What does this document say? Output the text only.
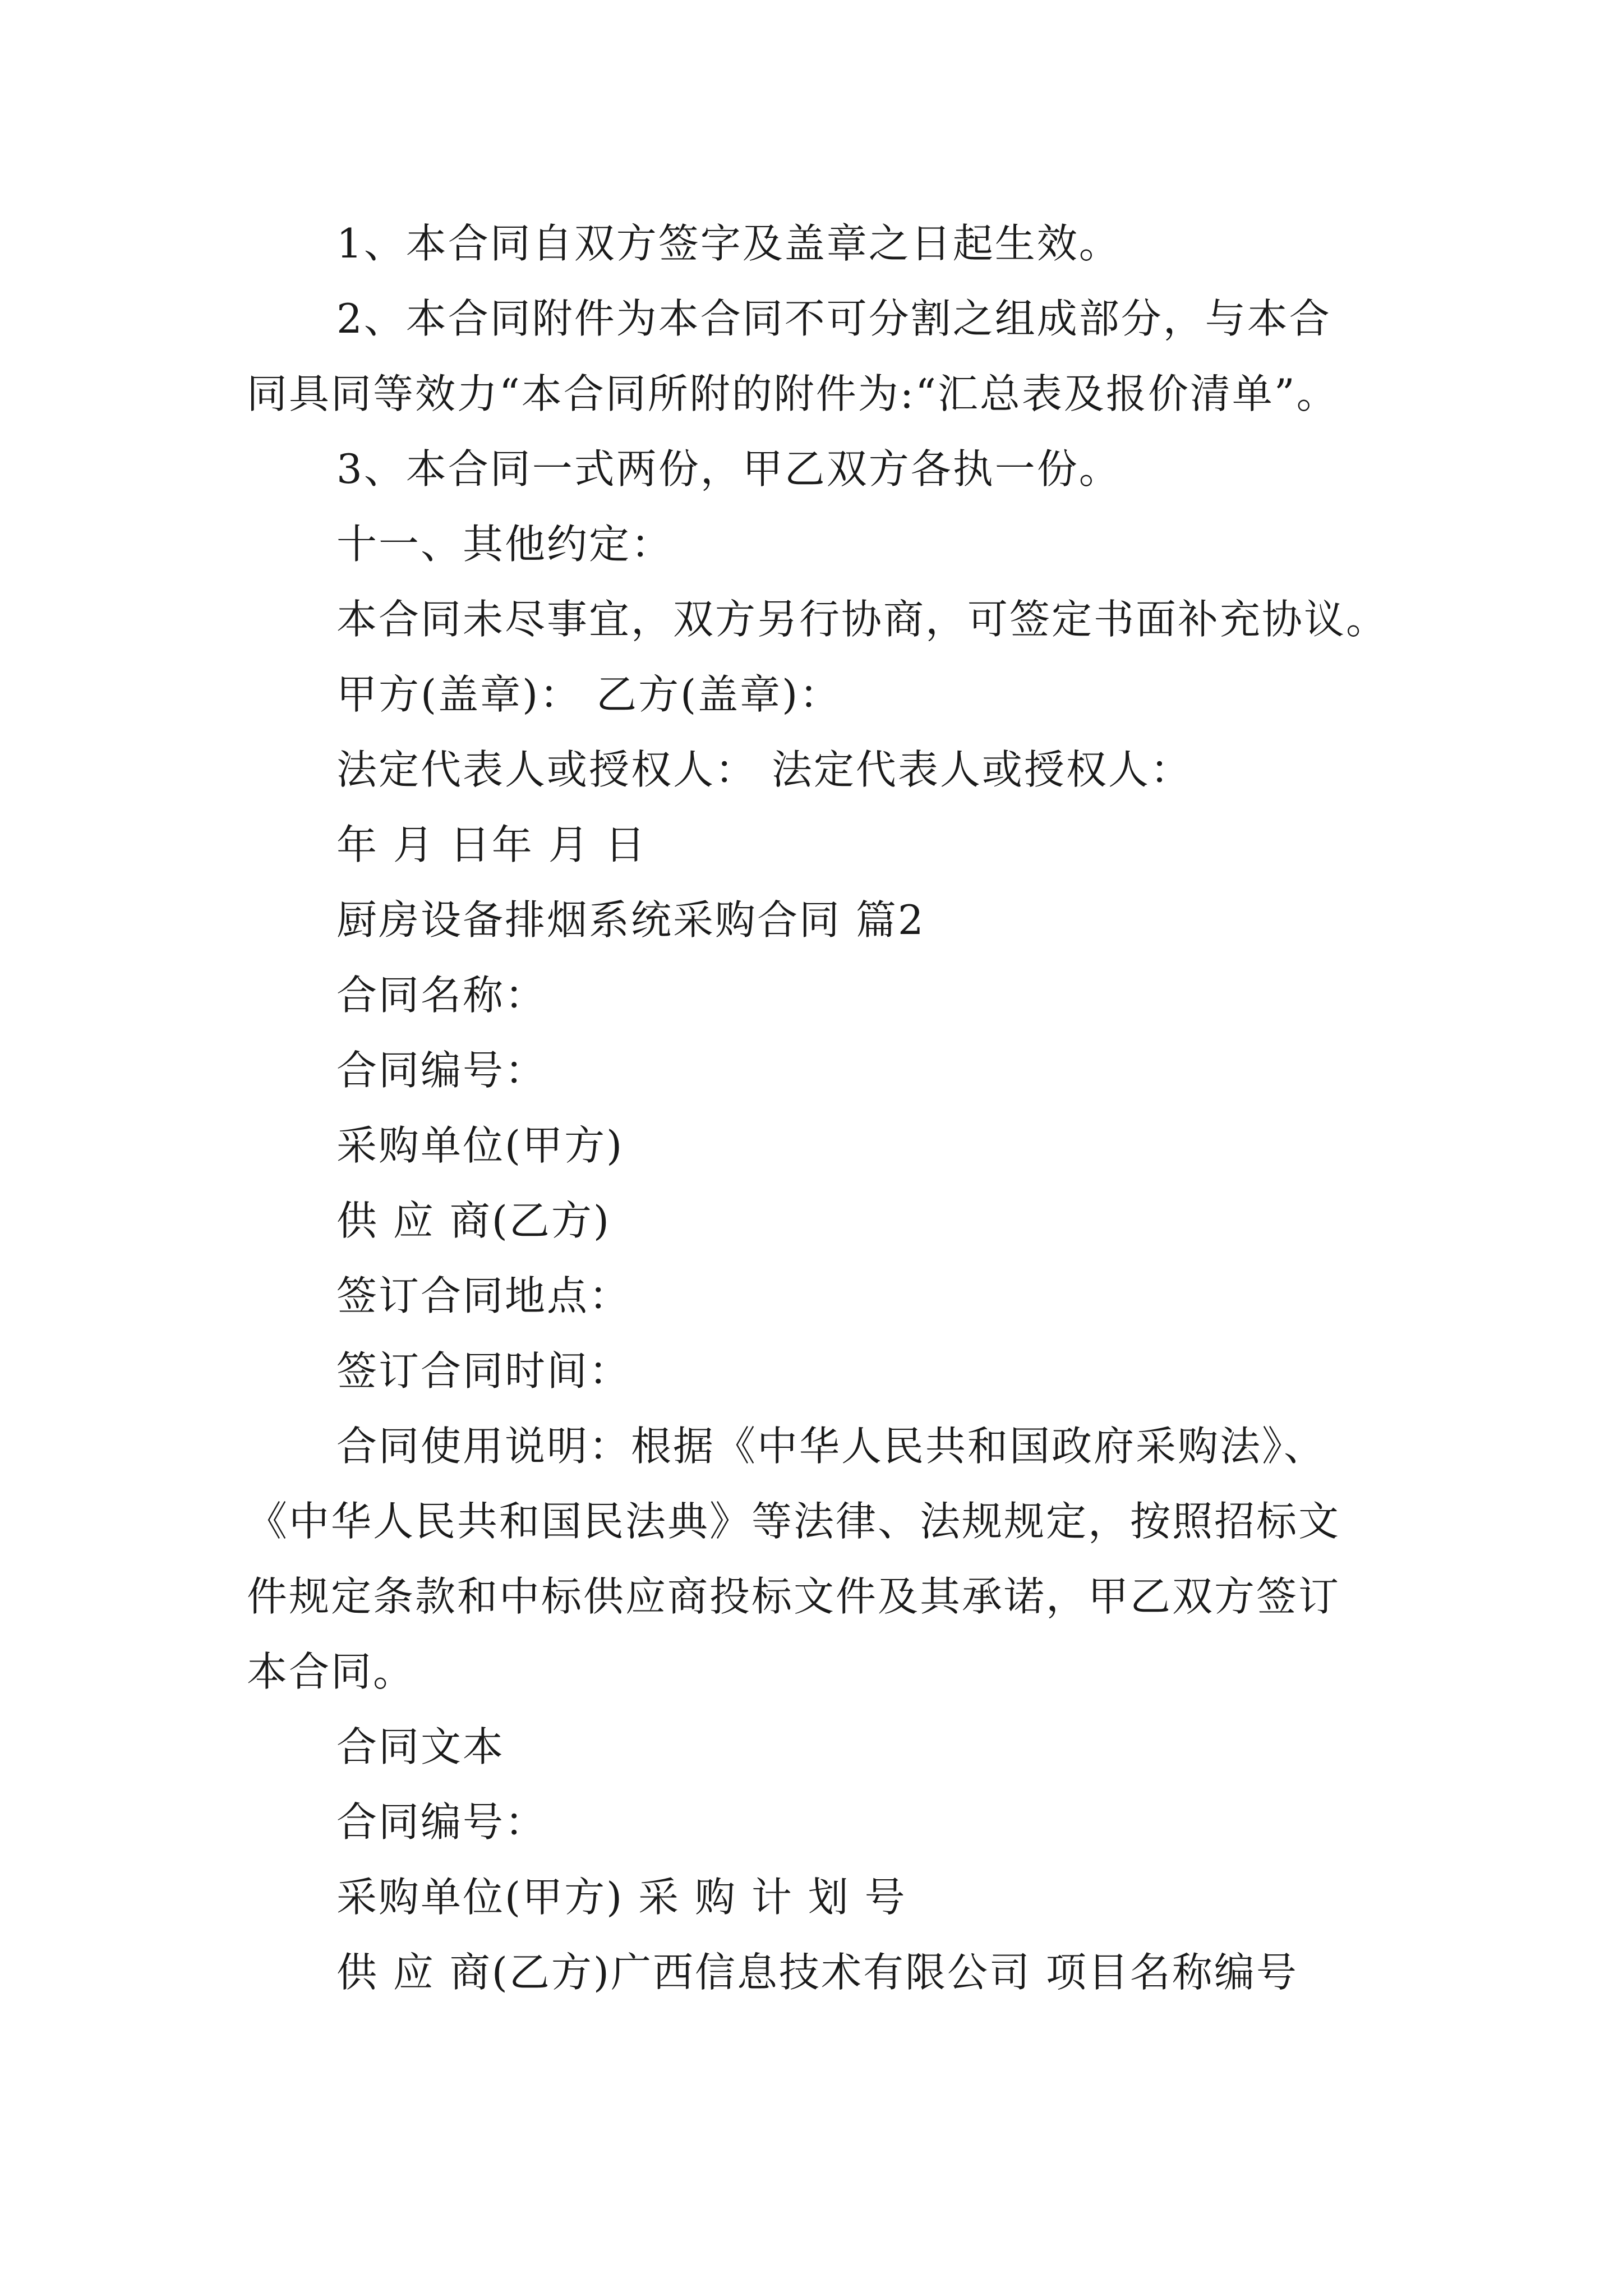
1、本合同自双方签字及盖章之日起生效。
2、本合同附件为本合同不可分割之组成部分，与本合
同具同等效力“本合同所附的附件为:“汇总表及报价清单”。
3、本合同一式两份，甲乙双方各执一份。
十一、其他约定：
本合同未尽事宜，双方另行协商，可签定书面补充协议。
甲方(盖章)： 乙方(盖章)：
法定代表人或授权人： 法定代表人或授权人：
年 月 日年 月 日
厨房设备排烟系统采购合同 篇2
合同名称：
合同编号：
采购单位(甲方)
供 应 商(乙方)
签订合同地点：
签订合同时间：
合同使用说明：根据《中华人民共和国政府采购法》、
《中华人民共和国民法典》等法律、法规规定，按照招标文
件规定条款和中标供应商投标文件及其承诺，甲乙双方签订
本合同。
合同文本
合同编号：
采购单位(甲方) 采 购 计 划 号
供 应 商(乙方)广西信息技术有限公司 项目名称编号
